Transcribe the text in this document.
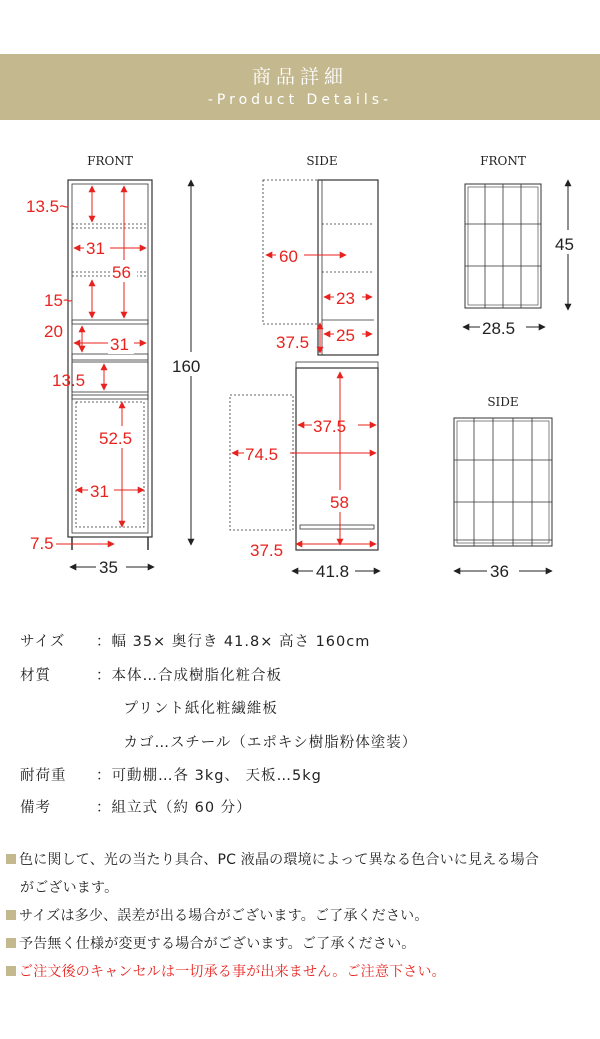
商品詳細
-Product Details-
FRONT
13.5~
31
56
15~
20
31
13.5
52.5
31
7.5
160
35
SIDE
60
23
25
37.5
37.5
74.5
58
37.5
41.8
FRONT
45
28.5
SIDE
36
サイズ ：幅 35× 奥行き 41.8× 高さ 160cm
材質	：本体…合成樹脂化粧合板
　プリント紙化粧繊維板
　カゴ…スチール（エポキシ樹脂粉体塗装）
耐荷重 ：可動棚…各 3kg、 天板…5kg
備考	：組立式（約 60 分）
色に関して、光の当たり具合、PC 液晶の環境によって異なる色合いに見える場合
がございます。
サイズは多少、誤差が出る場合がございます。ご了承ください。
予告無く仕様が変更する場合がございます。ご了承ください。
ご注文後のキャンセルは一切承る事が出来ません。ご注意下さい。
